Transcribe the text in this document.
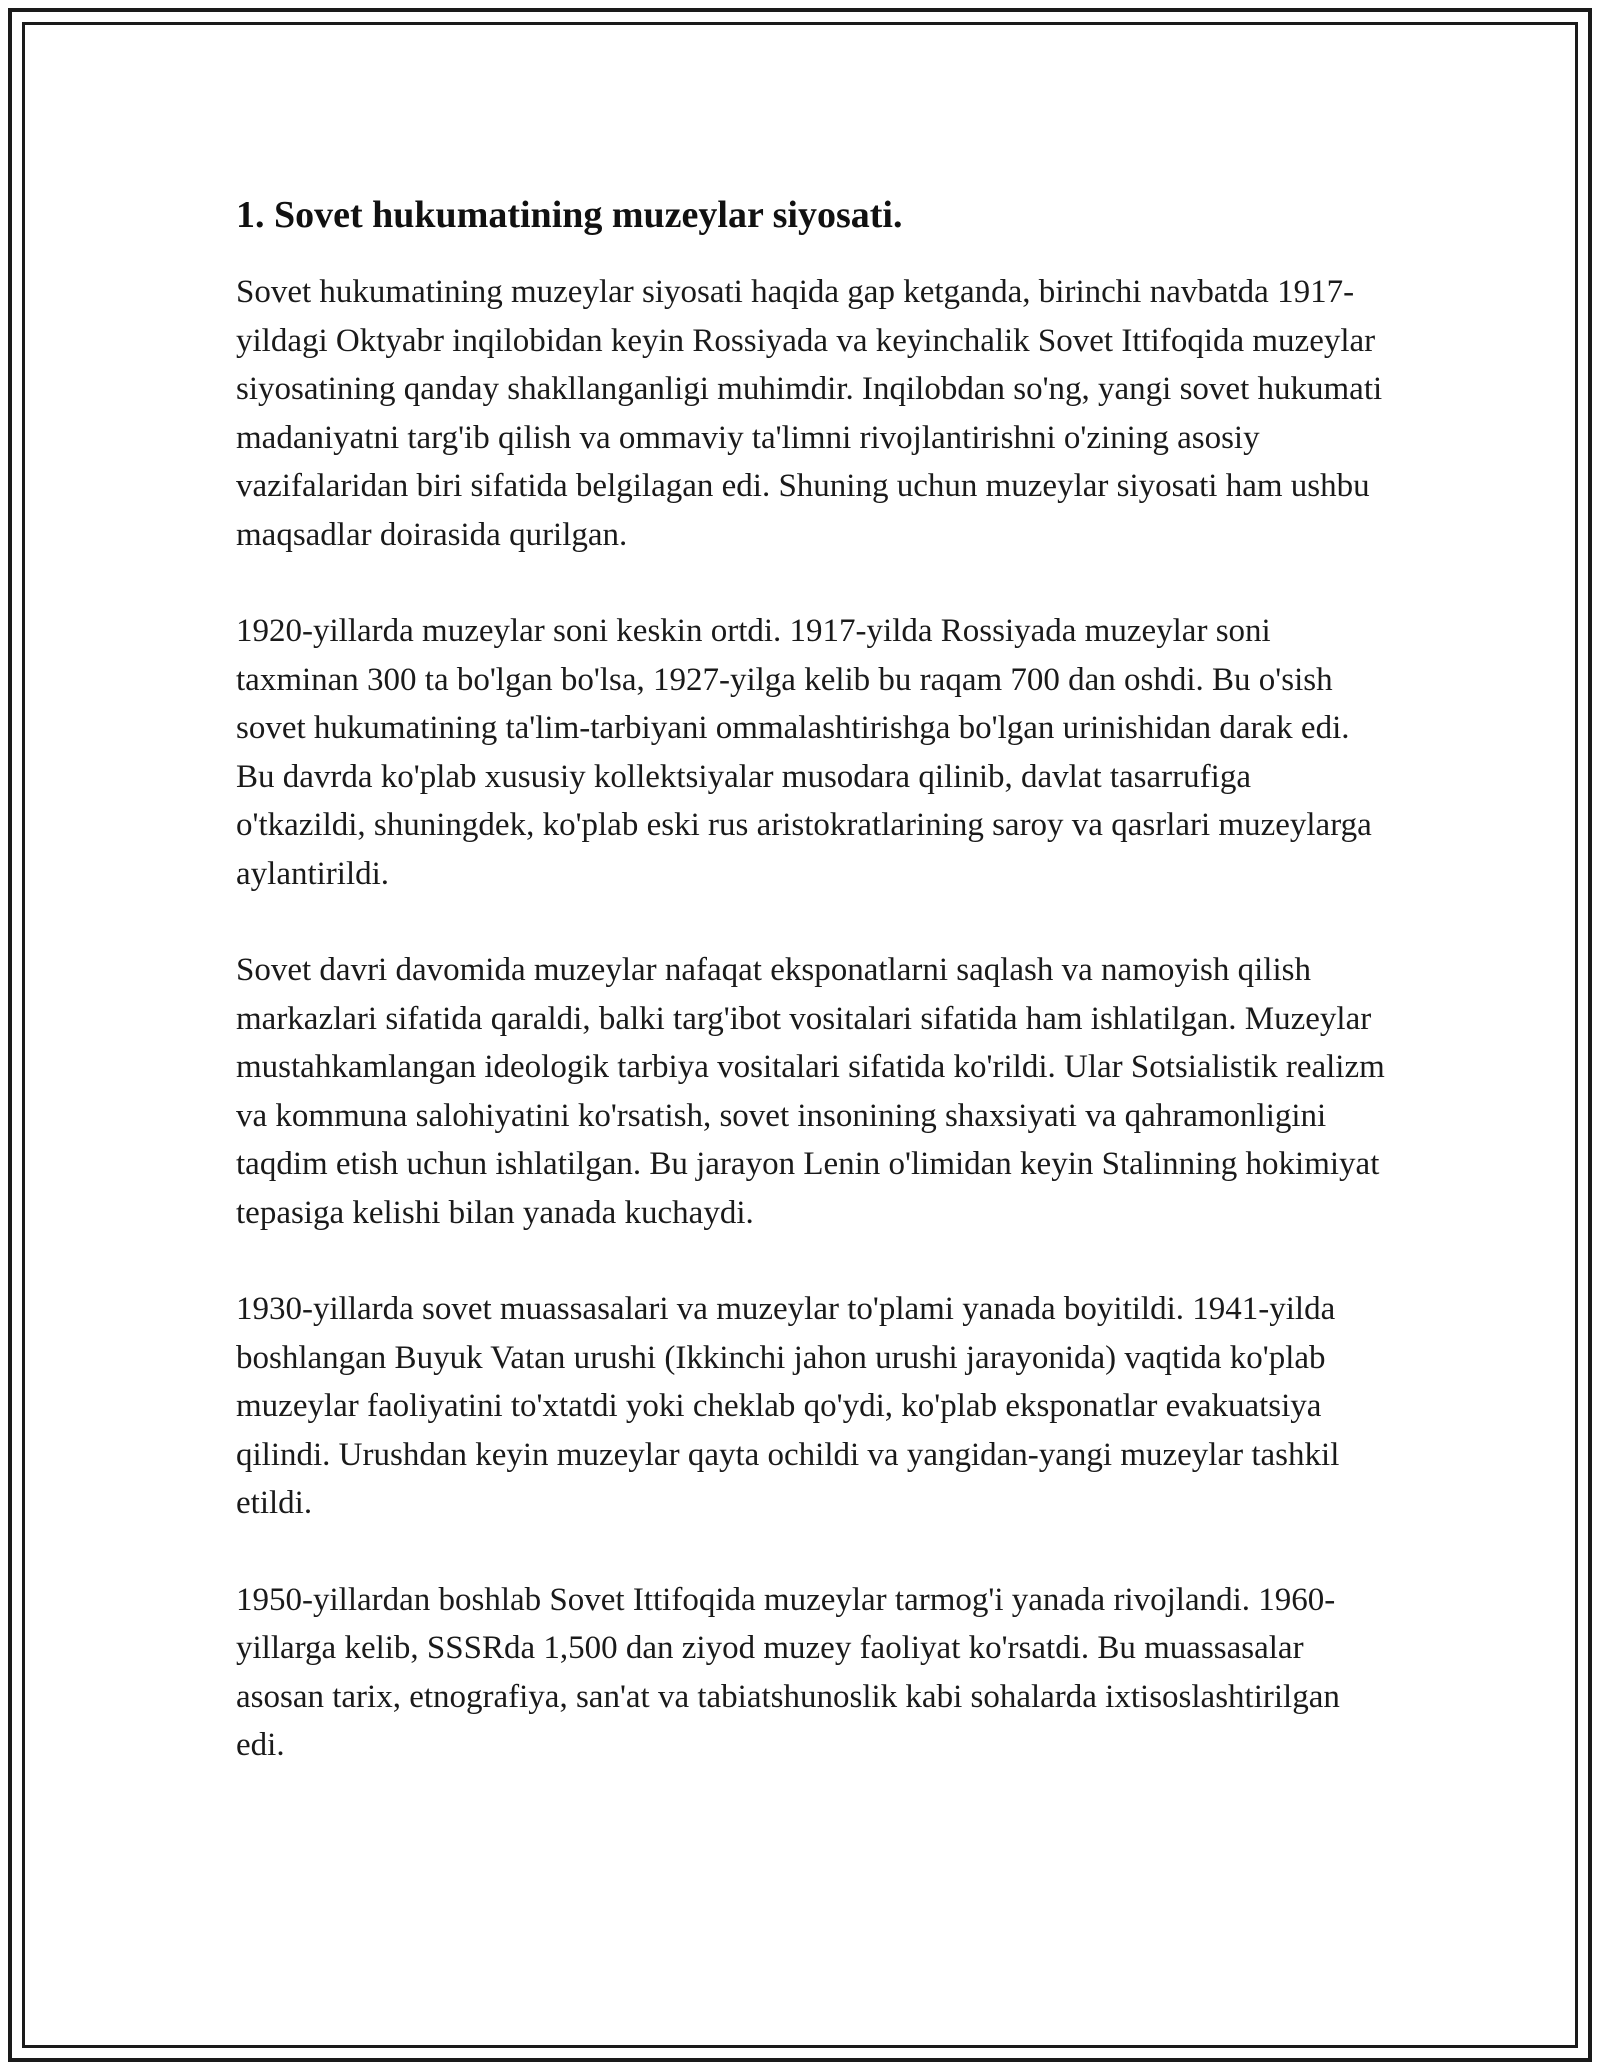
1. Sovet hukumatining muzeylar siyosati.

Sovet hukumatining muzeylar siyosati haqida gap ketganda, birinchi navbatda 1917-yildagi Oktyabr inqilobidan keyin Rossiyada va keyinchalik Sovet Ittifoqida muzeylar siyosatining qanday shakllanganligi muhimdir. Inqilobdan so'ng, yangi sovet hukumati madaniyatni targ'ib qilish va ommaviy ta'limni rivojlantirishni o'zining asosiy vazifalaridan biri sifatida belgilagan edi. Shuning uchun muzeylar siyosati ham ushbu maqsadlar doirasida qurilgan.

1920-yillarda muzeylar soni keskin ortdi. 1917-yilda Rossiyada muzeylar soni taxminan 300 ta bo'lgan bo'lsa, 1927-yilga kelib bu raqam 700 dan oshdi. Bu o'sish sovet hukumatining ta'lim-tarbiyani ommalashtirishga bo'lgan urinishidan darak edi. Bu davrda ko'plab xususiy kollektsiyalar musodara qilinib, davlat tasarrufiga o'tkazildi, shuningdek, ko'plab eski rus aristokratlarining saroy va qasrlari muzeylarga aylantirildi.

Sovet davri davomida muzeylar nafaqat eksponatlarni saqlash va namoyish qilish markazlari sifatida qaraldi, balki targ'ibot vositalari sifatida ham ishlatilgan. Muzeylar mustahkamlangan ideologik tarbiya vositalari sifatida ko'rildi. Ular Sotsialistik realizm va kommuna salohiyatini ko'rsatish, sovet insonining shaxsiyati va qahramonligini taqdim etish uchun ishlatilgan. Bu jarayon Lenin o'limidan keyin Stalinning hokimiyat tepasiga kelishi bilan yanada kuchaydi.

1930-yillarda sovet muassasalari va muzeylar to'plami yanada boyitildi. 1941-yilda boshlangan Buyuk Vatan urushi (Ikkinchi jahon urushi jarayonida) vaqtida ko'plab muzeylar faoliyatini to'xtatdi yoki cheklab qo'ydi, ko'plab eksponatlar evakuatsiya qilindi. Urushdan keyin muzeylar qayta ochildi va yangidan-yangi muzeylar tashkil etildi.

1950-yillardan boshlab Sovet Ittifoqida muzeylar tarmog'i yanada rivojlandi. 1960-yillarga kelib, SSSRda 1,500 dan ziyod muzey faoliyat ko'rsatdi. Bu muassasalar asosan tarix, etnografiya, san'at va tabiatshunoslik kabi sohalarda ixtisoslashtirilgan edi.
